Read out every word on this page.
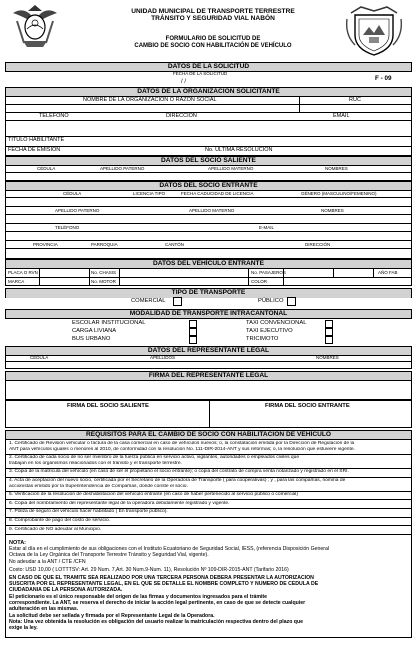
UNIDAD MUNICIPAL DE TRANSPORTE TERRESTRE
TRÁNSITO Y SEGURIDAD VIAL NABÓN
FORMULARIO DE SOLICITUD DE
CAMBIO DE SOCIO CON HABILITACIÓN DE VEHÍCULO
DATOS DE LA SOLICITUD
/ /
FECHA DE LA SOLICITUD
F - 09
DATOS DE LA ORGANIZACIÓN SOLICITANTE
NOMBRE DE LA ORGANIZACIÓN O RAZÓN SOCIAL	RUC
TELÉFONO	DIRECCIÓN	EMAIL
TÍTULO HABILITANTE
FECHA DE EMISIÓN	No. ULTIMA RESOLUCIÓN
DATOS DEL SOCIO SALIENTE
CÉDULA	APELLIDO PATERNO	APELLIDO MATERNO	NOMBRES
DATOS DEL SOCIO ENTRANTE
CÉDULA	LICENCIA TIPO	FECHA CADUCIDAD DE LICENCIA	GÉNERO (MASCULINO/FEMENINO)
APELLIDO PATERNO	APELLIDO MATERNO	NOMBRES
TELÉFONO	E-MAIL
PROVINCIA	PARROQUIA	CANTÓN	DIRECCIÓN
DATOS DEL VEHÍCULO ENTRANTE
PLACA O RVN	No. CHASIS	No. PASAJEROS	AÑO FAB
MARCA	No. MOTOR	COLOR
TIPO DE TRANSPORTE
COMERCIAL	PÚBLICO
MODALIDAD DE TRANSPORTE INTRACANTONAL
ESCOLAR INSTITUCIONAL
CARGA LIVIANA
BUS URBANO
TAXI CONVENCIONAL
TAXI EJECUTIVO
TRICIMOTO
DATOS DEL REPRESENTANTE LEGAL
CÉDULA	APELLIDOS	NOMBRES
FIRMA DEL REPRESENTANTE LEGAL
FIRMA DEL SOCIO SALIENTE	FIRMA DEL SOCIO ENTRANTE
REQUISITOS PARA EL CAMBIO DE SOCIO CON HABILITACIÓN DE VEHÍCULO
NOTA:
1. Certificado de Revisión vehicular o factura de la casa comercial en caso de vehículos nuevos; o, la constatación emitida por la Dirección de Regulación de la
ANT para vehículos iguales o menores al 2010, de conformidad con la resolución No. 111-DIR-2014-ANT y sus reformas; o, la resolución que estuviere vigente.
2. Certificado de cada socio de no ser miembro de la fuerza pública en servicio activo, vigilantes, autoridades o empleados civiles que
trabajan en los organismos relacionados con el tránsito y el transporte terrestre.
3. Copia de la matrícula del vehículo (en caso de ser el propietario el socio entrante); o copia del contrato de compra venta notarizado y registrado en el SRI.
4. Acta de aceptación del nuevo socio, certificada por el Secretario de la Operadora de Transporte ( para cooperativas) ; y , para las compañías, nómina de
accionistas emitido por la Superintendencia de Compañías, donde conste el socio.
5. Verificación de la resolución de deshabilitación del vehículo entrante (en caso de haber pertenecido al servicio público o comercial)
6. Copia del nombramiento del representante legal de la operadora debidamente registrado y vigente.
7. Póliza de seguro del vehículo hacer habilitado ( En transporte público).
8. Comprobante de pago del costo de servicio.
9. Certificado de NO adeudar al Municipio.
Estar al día en el cumplimiento de sus obligaciones con el Instituto Ecuatoriano de Seguridad Social, IESS, (referencia Disposición General
Octava de la Ley Orgánica del Transporte Terrestre Tránsito y Seguridad Vial, vigente).
No adeudar a la ANT / CTE /CFN
Costo: USD 10,00 ( LOTTTSV: Art. 29 Num. 7,Art. 30 Num.9-Num. 11), Resolución Nº 109-DIR-2015-ANT (Tarifario 2016)
EN CASO DE QUE EL TRÁMITE SEA REALIZADO POR UNA TERCERA PERSONA DEBERÁ PRESENTAR LA AUTORIZACIÓN
SUSCRITA POR EL REPRESENTANTE LEGAL, EN EL QUE SE DETALLE EL NOMBRE COMPLETO Y NÚMERO DE CÉDULA DE
CIUDADANÍA DE LA PERSONA AUTORIZADA.
El peticionario es el único responsable del origen de las firmas y documentos ingresados para el trámite
correspondiente. La ANT, se reserva el derecho de iniciar la acción legal pertinente, en caso de que se detecte cualquier
adulteración en las mismas.
La solicitud debe ser sellada y firmada por el Representante Legal de la Operadora.
Nota: Una vez obtenida la resolución es obligación del usuario realizar la matriculación respectiva dentro del plazo que
exige la ley.
